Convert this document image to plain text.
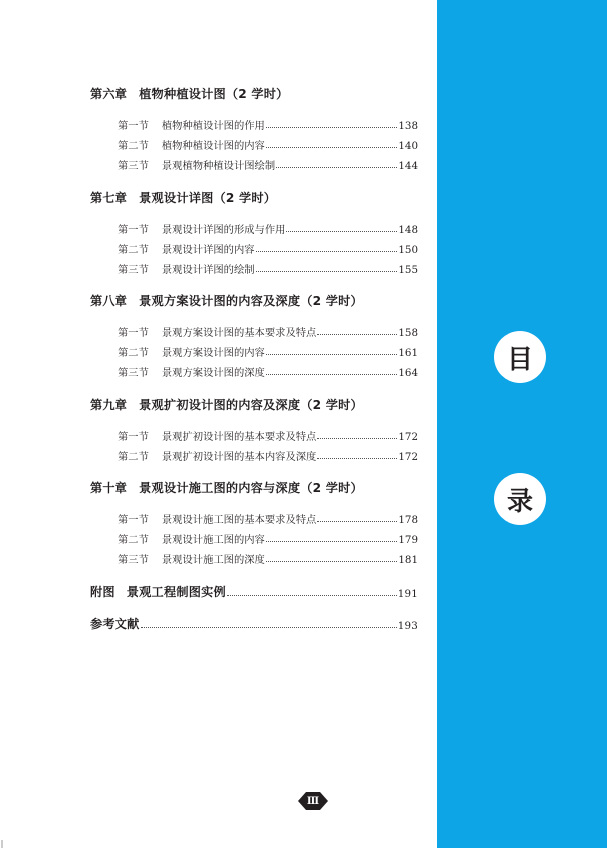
目
录
第六章 植物种植设计图（2 学时）
第一节 植物种植设计图的作用	138
第二节 植物种植设计图的内容	140
第三节 景观植物种植设计图绘制	144
第七章 景观设计详图（2 学时）
第一节 景观设计详图的形成与作用	148
第二节 景观设计详图的内容	150
第三节 景观设计详图的绘制	155
第八章 景观方案设计图的内容及深度（2 学时）
第一节 景观方案设计图的基本要求及特点	158
第二节 景观方案设计图的内容	161
第三节 景观方案设计图的深度	164
第九章 景观扩初设计图的内容及深度（2 学时）
第一节 景观扩初设计图的基本要求及特点	172
第二节 景观扩初设计图的基本内容及深度	172
第十章 景观设计施工图的内容与深度（2 学时）
第一节 景观设计施工图的基本要求及特点	178
第二节 景观设计施工图的内容	179
第三节 景观设计施工图的深度	181
附图 景观工程制图实例	191
参考文献	193
Ⅲ
